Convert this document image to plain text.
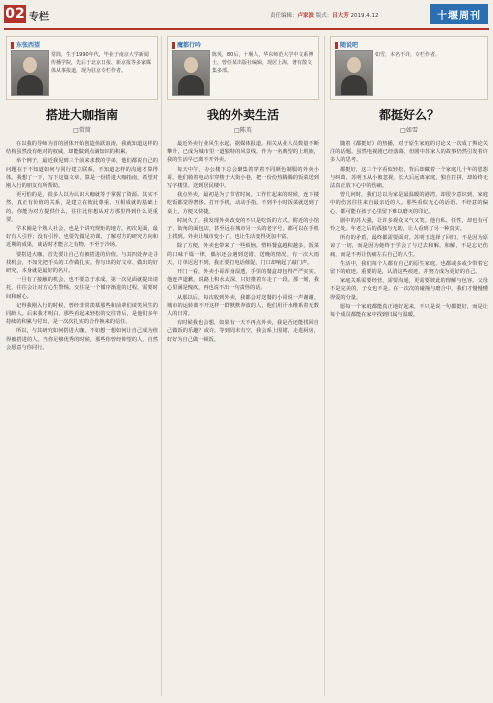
02 专栏	责任编辑：卢家波 版式：吕大芳 2019.4.12	十堰周刊
东张西望
常简，生于1990年代，毕业于南京大学新闻传播学院，先后于北京日报、新京报等多家媒体从事报道，现为驻京专栏作者。
搭进大咖指南
□常简

在以我的导师为首的团体开始创造鱼跃浪涛，我就知道这样的结构虽然没有绝对的权威，却能做到点滴知识的积累。

举个例子，最近我见到三个前来求教的学弟，他们都说自己的问题在于不知道如何与同行建立联系，不知道怎样的沟通才算得体。我想了一下，写下这篇文章，算是一份搭进大咖指南，希望对刚入行的朋友有所帮助。

更可怕的是，很多人以为认识大咖就等于掌握了资源。其实不然，真正有价值的关系，是建立在彼此尊重、互相成就的基础上的。你能为对方提供什么，往往比你想从对方那里得到什么更重要。

学术圈是个熟人社会，也是个讲究规矩的地方。初次见面，最好有人引荐；没有引荐，也要先做足功课，了解对方的研究方向和近期的成果，谈话时才能言之有物，不至于冷场。

要搭进大咖，首先要让自己有被搭进的价值。与其四处奔走寻找机会，不如先把手头的工作做扎实。你写出的好文章、做出的好研究，本身就是最好的名片。

一旦有了接触的机会，也不要急于求成。第一次见面就提出请托，往往会让对方心生警惕。交往是一个循序渐进的过程，需要时间和耐心。

记得我刚入行的时候，曾经非常羡慕那些和前辈们谈笑风生的同龄人。后来我才明白，那些看起来轻松的交往背后，是他们多年持续的积累与付出，是一次次扎实的合作换来的信任。

所以，与其研究如何搭进大咖，不如想一想如何让自己成为值得被搭进的人。当你足够优秀的时候，那些你曾经仰望的人，自然会愿意与你同行。

魔都行吟
陈英，80后，十堰人，华东师范大学中文系博士，曾任某出版社编辑，现居上海，著有散文集多部。
我的外卖生活
□陈英

最近外卖行业风生水起，据媒体报道，相关从业人员数量不断攀升，已成为城市里一道独特的风景线。作为一名典型的上班族，我的生活早已离不开外卖。

每天中午，办公楼下总会聚集着穿着不同颜色制服的外卖小哥。他们骑着电动车穿梭于大街小巷，把一份份热腾腾的饭菜送到写字楼里、送到居民楼中。

我点外卖，最初是为了节省时间。工作忙起来的时候，连下楼吃饭都觉得奢侈。打开手机，动动手指，不到半小时饭菜就送到了桌上，方便又快捷。

时间久了，我发现外卖改变的不只是吃饭的方式。附近的小馆子、街角的面包店，甚至远在城市另一头的老字号，都可以在手机上找到。外卖让城市变小了，也让生活变得更加丰富。

除了方便，外卖也带来了一些烦恼。塑料餐盒越积越多，饭菜的口味千篇一律，偶尔还会遇到送错、送晚的情况。有一次大雨天，订单迟迟不到，我正要打电话催促，门口却响起了敲门声。

开门一看，外卖小哥浑身湿透，手里的餐盒却包得严严实实。他连声道歉，说路上积水太深，只好推着车走了一段。那一刻，我心里满是愧疚，再也说不出一句责怪的话。

从那以后，每次收到外卖，我都会对送餐的小哥说一声谢谢。城市的运转离不开这样一群默默奔波的人，他们用汗水维系着无数人的日常。

有时候我也会想，如果有一天不再点外卖，我是否还能找回自己做饭的乐趣？或许，等到周末有空，我会系上围裙，走进厨房，好好为自己做一顿饭。

随说吧
如雪，本名不详，专栏作者。
都挺好么？
□如雪

随着《都挺好》的热播，对于原生家庭的讨论又一次成了舆论关注的话题。虽然电视剧已经落幕，但剧中苏家人的故事仍然引发着许多人的思考。

都挺好，这三个字看似轻松，背后却藏着一个家庭几十年的恩怨与纠葛。苏明玉从小被忽视，长大后远离家庭，独自打拼，却始终无法真正放下心中的伤痛。

曾几何时，我们总以为家是最温暖的港湾，却很少意识到，家庭中的伤害往往来自最亲近的人。那些看似无心的话语、不经意的偏心，都可能在孩子心里留下难以磨灭的印记。

剧中的苏大强，让许多观众又气又笑。他自私、任性，却也有可怜之处。年老之后的孤独与无助，让人看到了另一种真实。

所有的矛盾，最终都需要面对。苏明玉选择了回归，不是因为原谅了一切，而是因为她终于学会了与过去和解。和解，不是忘记伤痛，而是不再让伤痛左右自己的人生。

生活中，我们每个人都有自己的原生家庭，也都或多或少带着它留下的痕迹。重要的是，认清这些痕迹，并努力成为更好的自己。

家庭关系需要经营，需要沟通，更需要彼此的理解与包容。父母不是完美的，子女也不是。在一次次的碰撞与磨合中，我们才慢慢懂得爱的分量。

愿每一个家庭都能真正地好起来，不只是说一句都挺好，而是让每个成员都能在家中找到归属与温暖。
